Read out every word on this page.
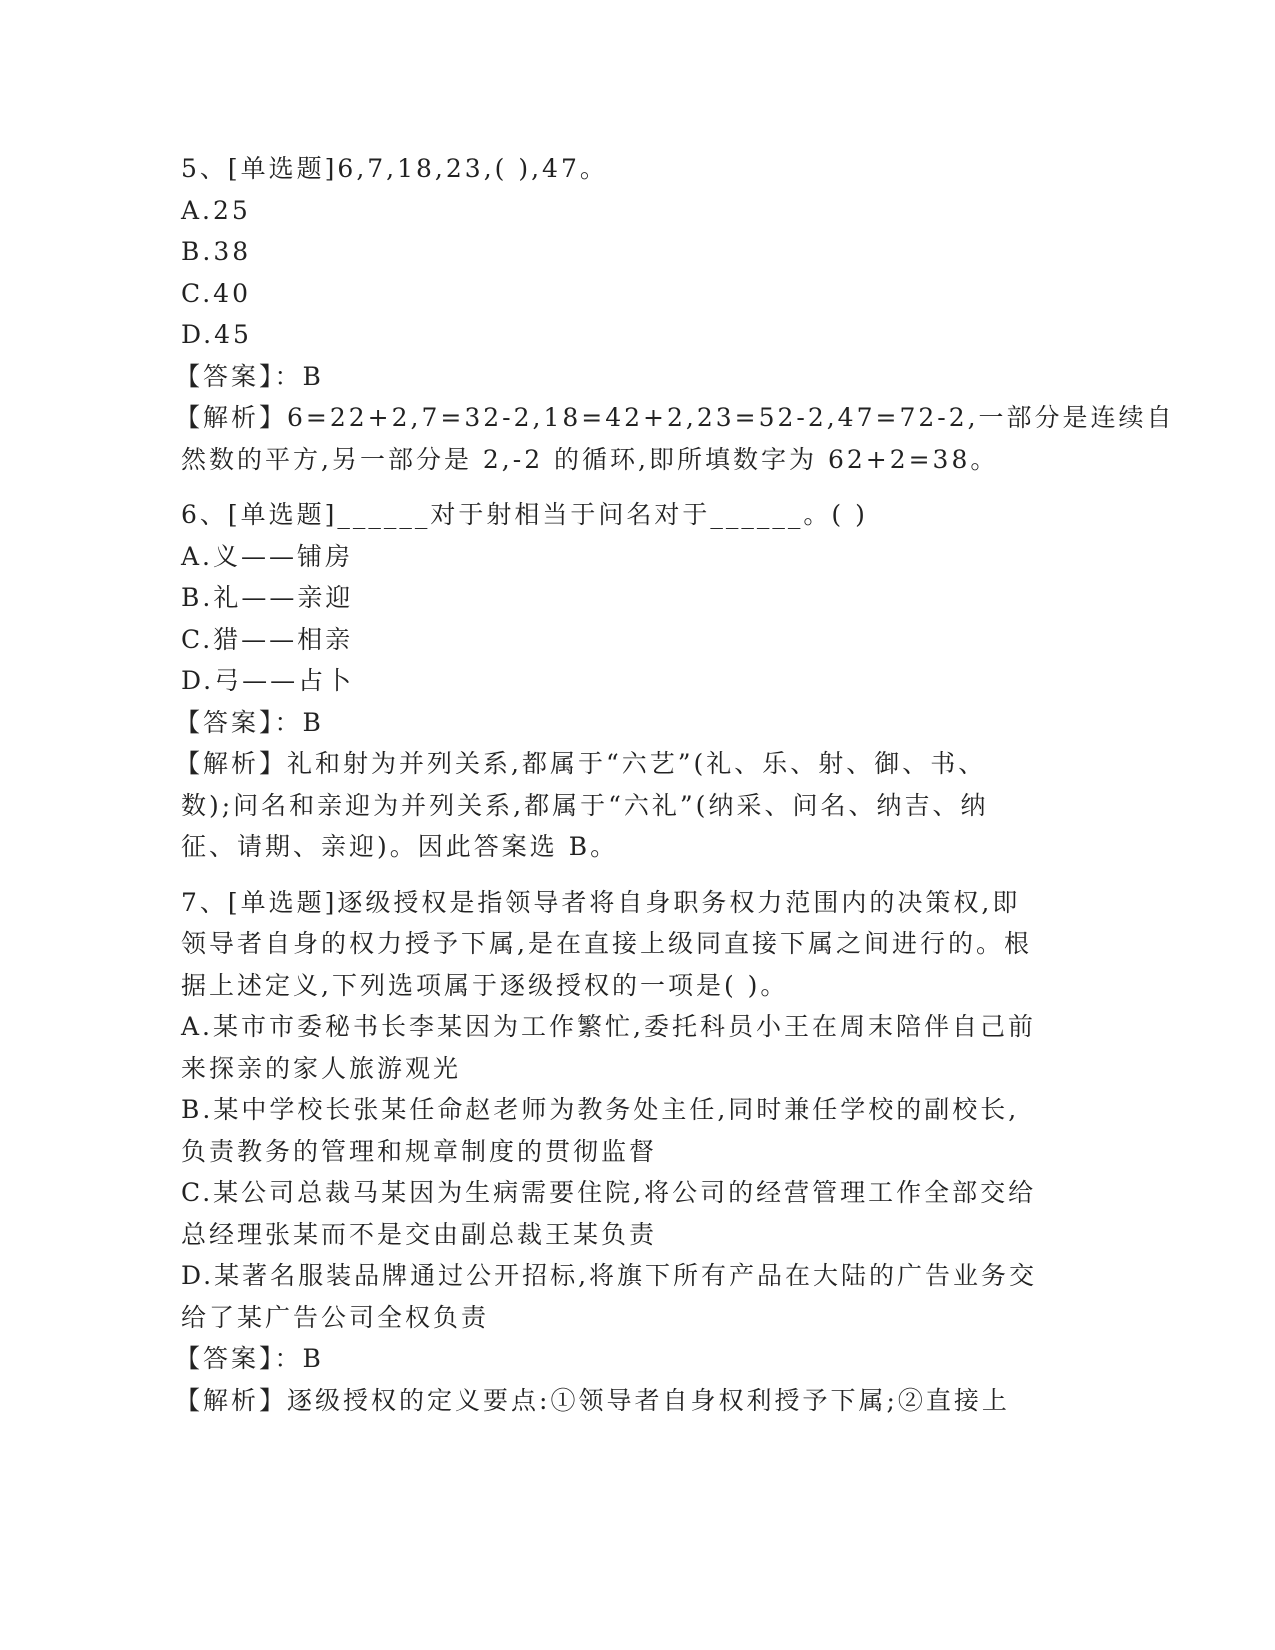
5、[单选题]6,7,18,23,( ),47。
A.25
B.38
C.40
D.45
【答案】：B
【解析】6=22+2,7=32-2,18=42+2,23=52-2,47=72-2,一部分是连续自
然数的平方,另一部分是 2,-2 的循环,即所填数字为 62+2=38。
6、[单选题]______对于射相当于问名对于______。( )
A.义——铺房
B.礼——亲迎
C.猎——相亲
D.弓——占卜
【答案】：B
【解析】礼和射为并列关系,都属于“六艺”(礼、乐、射、御、书、
数);问名和亲迎为并列关系,都属于“六礼”(纳采、问名、纳吉、纳
征、请期、亲迎)。因此答案选 B。
7、[单选题]逐级授权是指领导者将自身职务权力范围内的决策权,即
领导者自身的权力授予下属,是在直接上级同直接下属之间进行的。根
据上述定义,下列选项属于逐级授权的一项是( )。
A.某市市委秘书长李某因为工作繁忙,委托科员小王在周末陪伴自己前
来探亲的家人旅游观光
B.某中学校长张某任命赵老师为教务处主任,同时兼任学校的副校长,
负责教务的管理和规章制度的贯彻监督
C.某公司总裁马某因为生病需要住院,将公司的经营管理工作全部交给
总经理张某而不是交由副总裁王某负责
D.某著名服装品牌通过公开招标,将旗下所有产品在大陆的广告业务交
给了某广告公司全权负责
【答案】：B
【解析】逐级授权的定义要点:①领导者自身权利授予下属;②直接上
